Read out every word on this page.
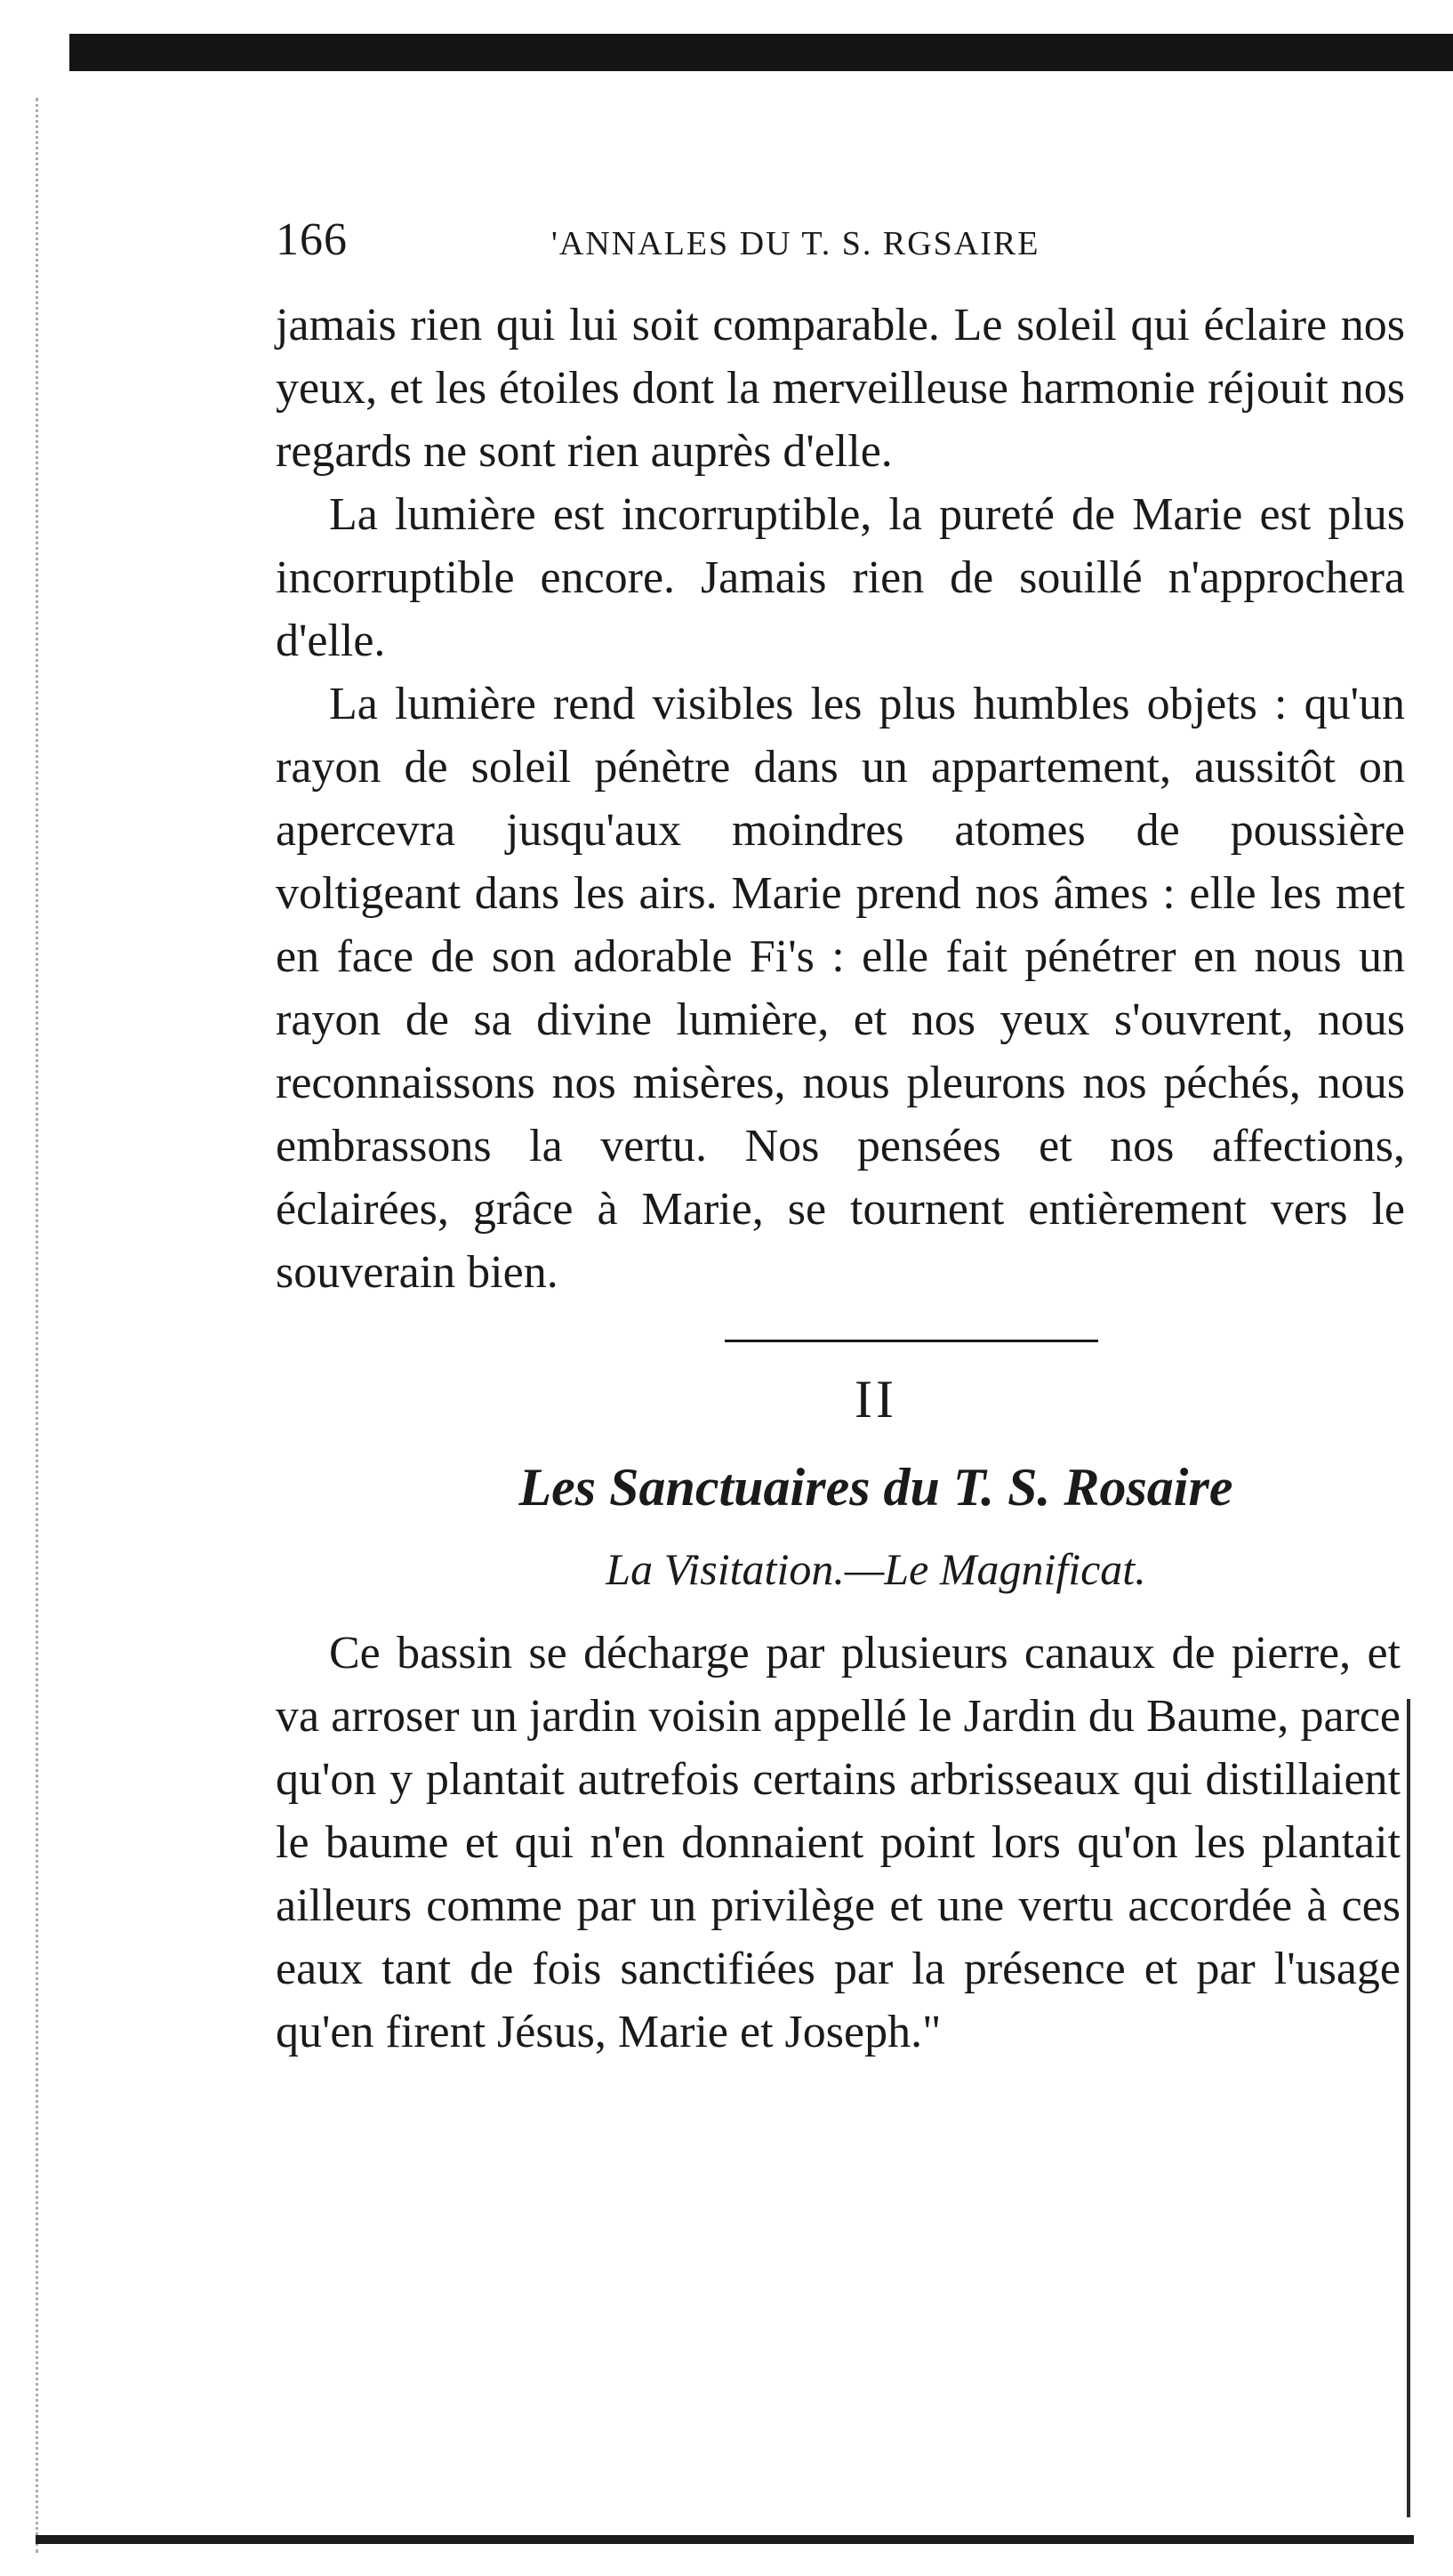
166	'ANNALES DU T. S. RGSAIRE

jamais rien qui lui soit comparable. Le soleil qui éclaire nos yeux, et les étoiles dont la merveilleuse harmonie réjouit nos regards ne sont rien auprès d'elle.

La lumière est incorruptible, la pureté de Marie est plus incorruptible encore. Jamais rien de souillé n'approchera d'elle.

La lumière rend visibles les plus humbles objets : qu'un rayon de soleil pénètre dans un appartement, aussitôt on apercevra jusqu'aux moindres atomes de poussière voltigeant dans les airs. Marie prend nos âmes : elle les met en face de son adorable Fi's : elle fait pénétrer en nous un rayon de sa divine lumière, et nos yeux s'ouvrent, nous reconnaissons nos misères, nous pleurons nos péchés, nous embrassons la vertu. Nos pensées et nos affections, éclairées, grâce à Marie, se tournent entièrement vers le souverain bien.

II
Les Sanctuaires du T. S. Rosaire
La Visitation.—Le Magnificat.

Ce bassin se décharge par plusieurs canaux de pierre, et va arroser un jardin voisin appellé le Jardin du Baume, parce qu'on y plantait autrefois certains arbrisseaux qui distillaient le baume et qui n'en donnaient point lors qu'on les plantait ailleurs comme par un privilège et une vertu accordée à ces eaux tant de fois sanctifiées par la présence et par l'usage qu'en firent Jésus, Marie et Joseph."
